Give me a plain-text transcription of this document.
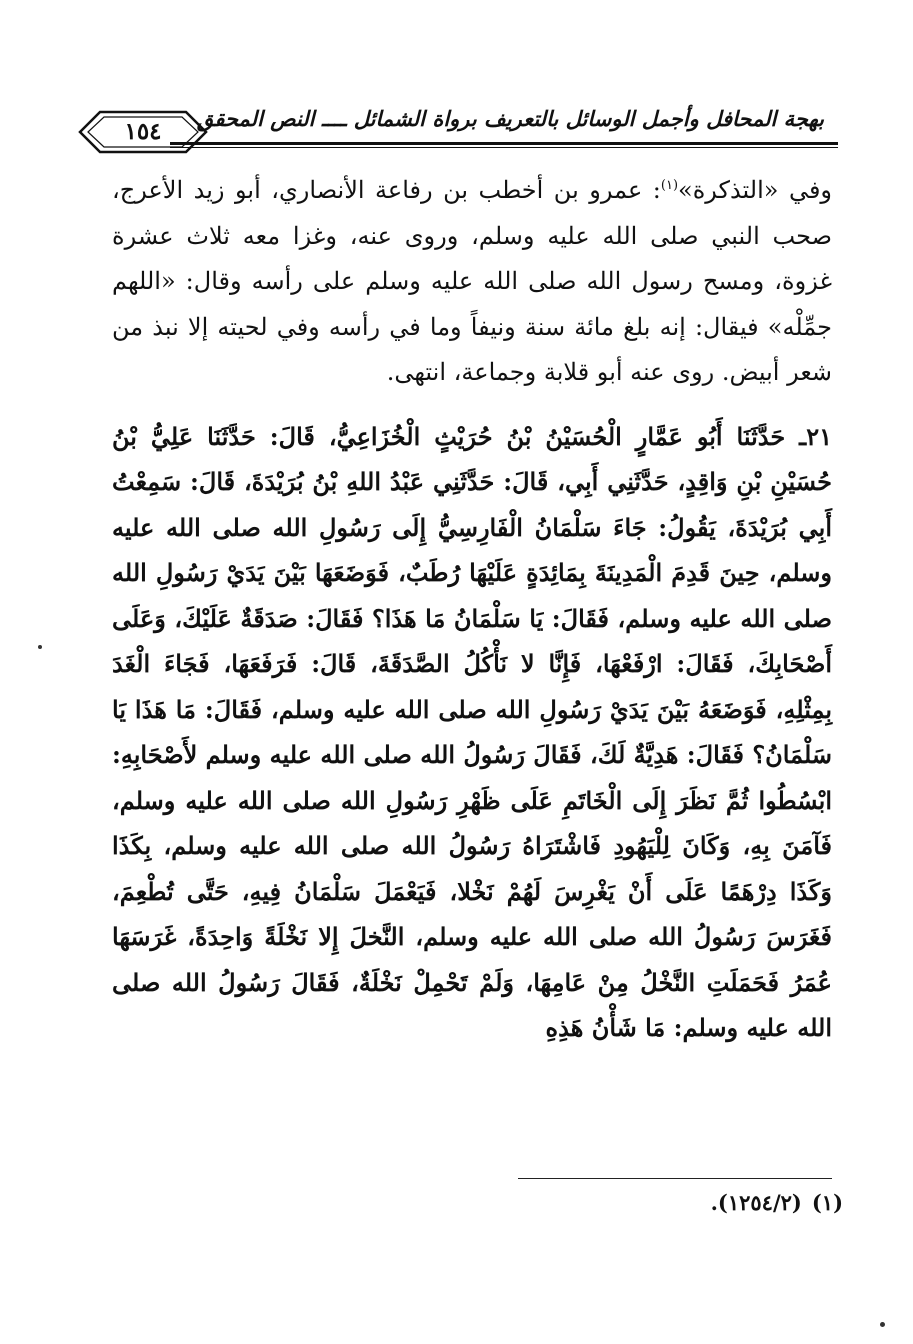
بهجة المحافل وأجمل الوسائل بالتعريف برواة الشمائل ــــ النص المحقق
١٥٤

وفي «التذكرة»$^{(١)}$: عمرو بن أخطب بن رفاعة الأنصاري، أبو زيد الأعرج، صحب النبي صلى الله عليه وسلم، وروى عنه، وغزا معه ثلاث عشرة غزوة، ومسح رسول الله صلى الله عليه وسلم على رأسه وقال: «اللهم جمِّلْه» فيقال: إنه بلغ مائة سنة ونيفاً وما في رأسه وفي لحيته إلا نبذ من شعر أبيض. روى عنه أبو قلابة وجماعة، انتهى.

٢١ـ حَدَّثَنَا أَبُو عَمَّارٍ الْحُسَيْنُ بْنُ حُرَيْثٍ الْخُزَاعِيُّ، قَالَ: حَدَّثَنَا عَلِيُّ بْنُ حُسَيْنِ بْنِ وَاقِدٍ، حَدَّثَنِي أَبِي، قَالَ: حَدَّثَنِي عَبْدُ اللهِ بْنُ بُرَيْدَةَ، قَالَ: سَمِعْتُ أَبِي بُرَيْدَةَ، يَقُولُ: جَاءَ سَلْمَانُ الْفَارِسِيُّ إِلَى رَسُولِ الله صلى الله عليه وسلم، حِينَ قَدِمَ الْمَدِينَةَ بِمَائِدَةٍ عَلَيْهَا رُطَبٌ، فَوَضَعَهَا بَيْنَ يَدَيْ رَسُولِ الله صلى الله عليه وسلم، فَقَالَ: يَا سَلْمَانُ مَا هَذَا؟ فَقَالَ: صَدَقَةٌ عَلَيْكَ، وَعَلَى أَصْحَابِكَ، فَقَالَ: ارْفَعْهَا، فَإِنَّا لا نَأْكُلُ الصَّدَقَةَ، قَالَ: فَرَفَعَهَا، فَجَاءَ الْغَدَ بِمِثْلِهِ، فَوَضَعَهُ بَيْنَ يَدَيْ رَسُولِ الله صلى الله عليه وسلم، فَقَالَ: مَا هَذَا يَا سَلْمَانُ؟ فَقَالَ: هَدِيَّةٌ لَكَ، فَقَالَ رَسُولُ الله صلى الله عليه وسلم لأَصْحَابِهِ: ابْسُطُوا ثُمَّ نَظَرَ إِلَى الْخَاتَمِ عَلَى ظَهْرِ رَسُولِ الله صلى الله عليه وسلم، فَآمَنَ بِهِ، وَكَانَ لِلْيَهُودِ فَاشْتَرَاهُ رَسُولُ الله صلى الله عليه وسلم، بِكَذَا وَكَذَا دِرْهَمًا عَلَى أَنْ يَغْرِسَ لَهُمْ نَخْلا، فَيَعْمَلَ سَلْمَانُ فِيهِ، حَتَّى تُطْعِمَ، فَغَرَسَ رَسُولُ الله صلى الله عليه وسلم، النَّخلَ إِلا نَخْلَةً وَاحِدَةً، غَرَسَهَا عُمَرُ فَحَمَلَتِ النَّخْلُ مِنْ عَامِهَا، وَلَمْ تَحْمِلْ نَخْلَةٌ، فَقَالَ رَسُولُ الله صلى الله عليه وسلم: مَا شَأْنُ هَذِهِ

(١)(١٢٥٤/٢).
